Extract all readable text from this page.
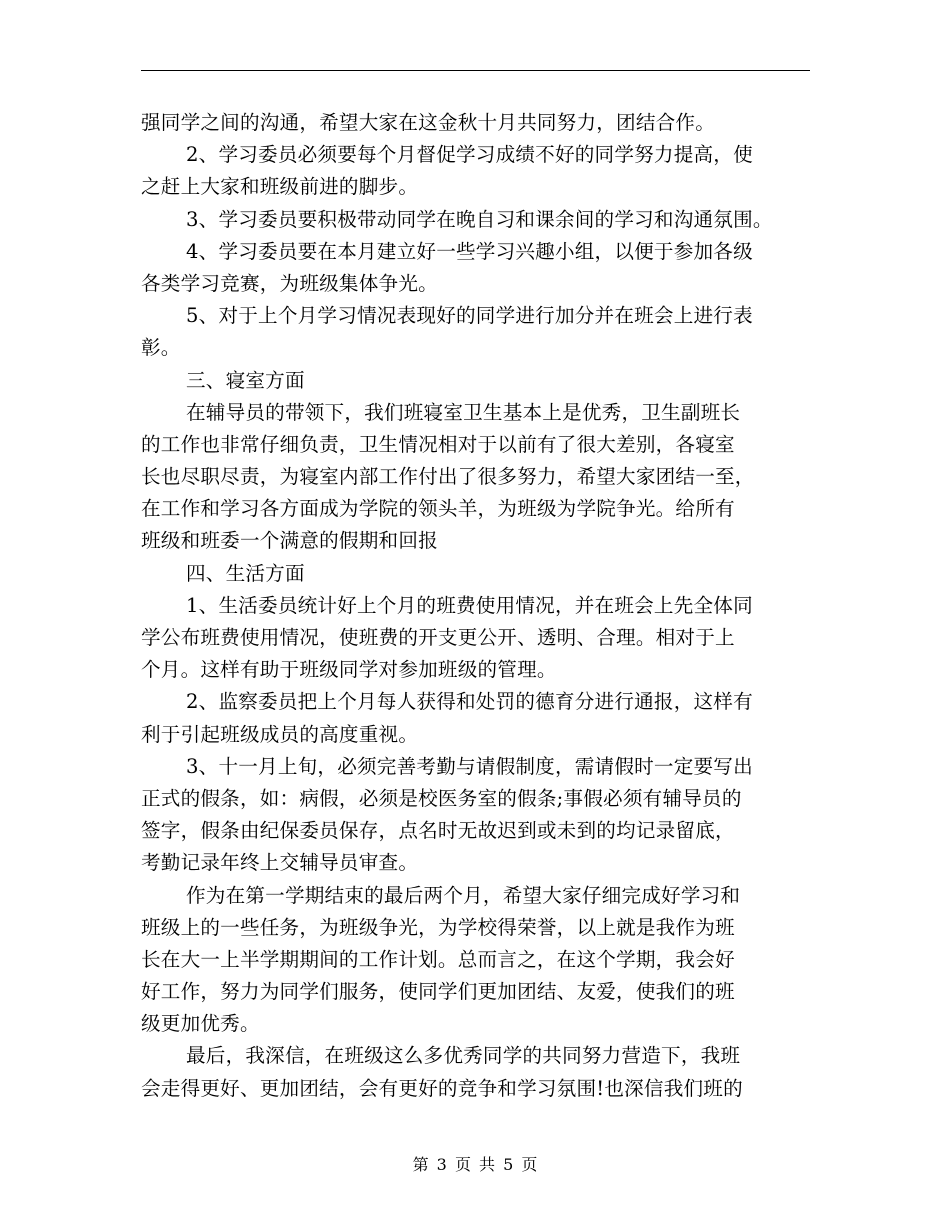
强同学之间的沟通，希望大家在这金秋十月共同努力，团结合作。
2、学习委员必须要每个月督促学习成绩不好的同学努力提高，使
之赶上大家和班级前进的脚步。
3、学习委员要积极带动同学在晚自习和课余间的学习和沟通氛围。
4、学习委员要在本月建立好一些学习兴趣小组，以便于参加各级
各类学习竞赛，为班级集体争光。
5、对于上个月学习情况表现好的同学进行加分并在班会上进行表
彰。
三、寝室方面
在辅导员的带领下，我们班寝室卫生基本上是优秀，卫生副班长
的工作也非常仔细负责，卫生情况相对于以前有了很大差别，各寝室
长也尽职尽责，为寝室内部工作付出了很多努力，希望大家团结一至，
在工作和学习各方面成为学院的领头羊，为班级为学院争光。给所有
班级和班委一个满意的假期和回报
四、生活方面
1、生活委员统计好上个月的班费使用情况，并在班会上先全体同
学公布班费使用情况，使班费的开支更公开、透明、合理。相对于上
个月。这样有助于班级同学对参加班级的管理。
2、监察委员把上个月每人获得和处罚的德育分进行通报，这样有
利于引起班级成员的高度重视。
3、十一月上旬，必须完善考勤与请假制度，需请假时一定要写出
正式的假条，如：病假，必须是校医务室的假条;事假必须有辅导员的
签字，假条由纪保委员保存，点名时无故迟到或未到的均记录留底，
考勤记录年终上交辅导员审查。
作为在第一学期结束的最后两个月，希望大家仔细完成好学习和
班级上的一些任务，为班级争光，为学校得荣誉，以上就是我作为班
长在大一上半学期期间的工作计划。总而言之，在这个学期，我会好
好工作，努力为同学们服务，使同学们更加团结、友爱，使我们的班
级更加优秀。
最后，我深信，在班级这么多优秀同学的共同努力营造下，我班
会走得更好、更加团结，会有更好的竞争和学习氛围!也深信我们班的
第 3 页 共 5 页
